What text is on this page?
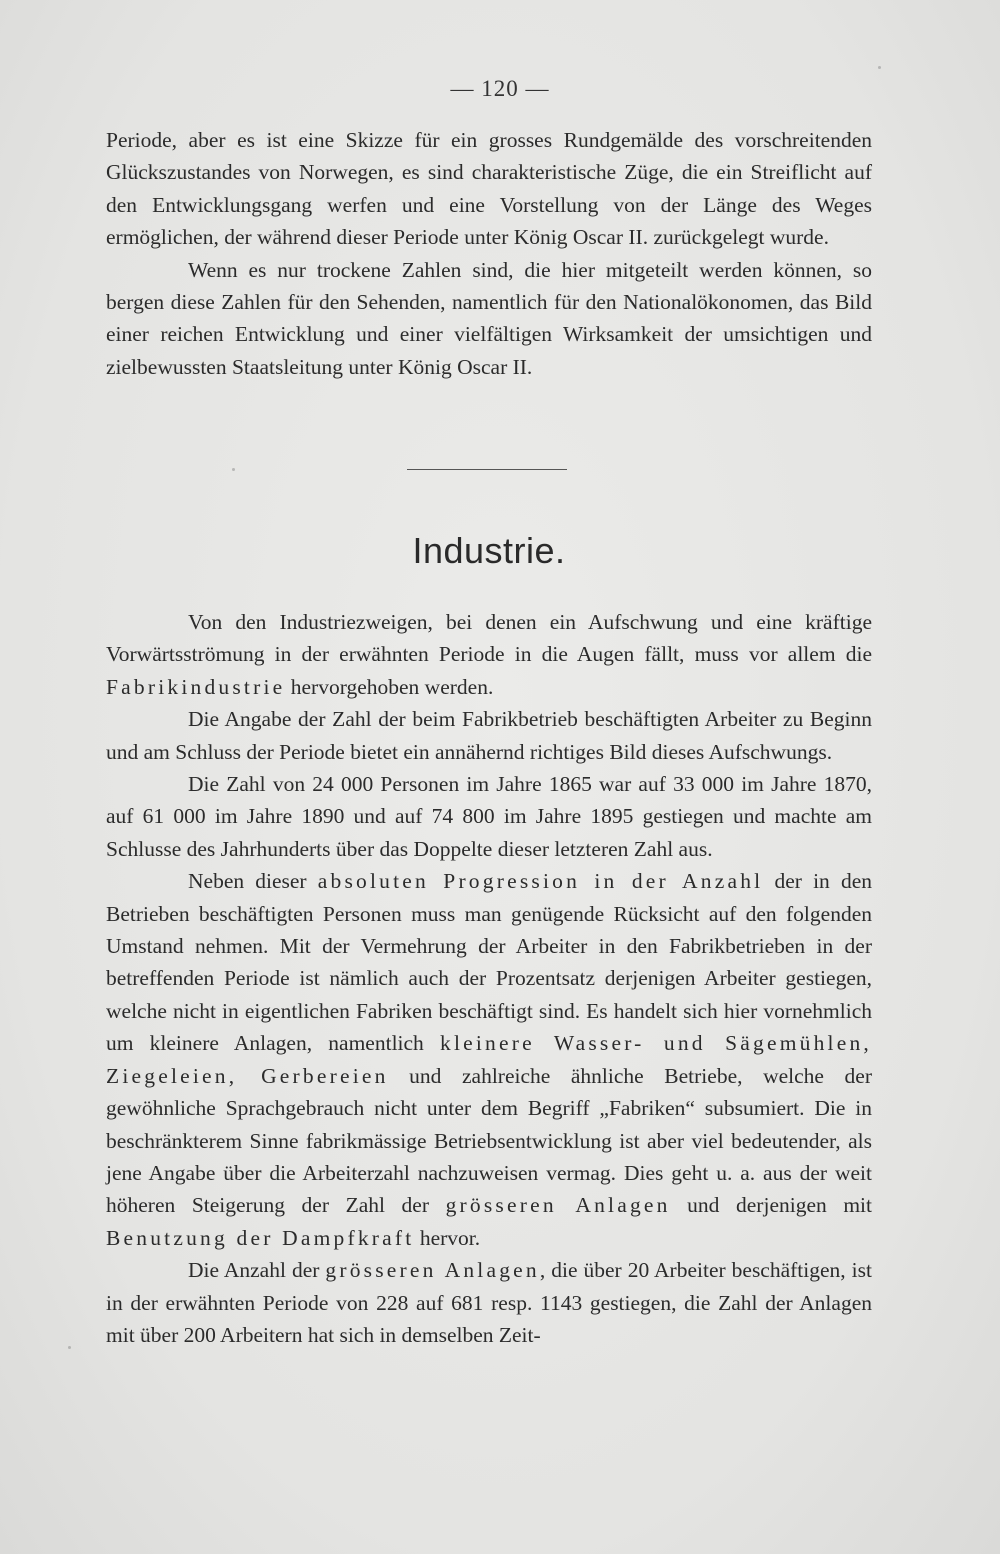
— 120 —

Periode, aber es ist eine Skizze für ein grosses Rundgemälde des vorschreitenden Glückszustandes von Norwegen, es sind charakteristische Züge, die ein Streiflicht auf den Entwicklungsgang werfen und eine Vorstellung von der Länge des Weges ermöglichen, der während dieser Periode unter König Oscar II. zurückgelegt wurde.

Wenn es nur trockene Zahlen sind, die hier mitgeteilt werden können, so bergen diese Zahlen für den Sehenden, namentlich für den Nationalökonomen, das Bild einer reichen Entwicklung und einer vielfältigen Wirksamkeit der umsichtigen und zielbewussten Staatsleitung unter König Oscar II.

Industrie.

Von den Industriezweigen, bei denen ein Aufschwung und eine kräftige Vorwärtsströmung in der erwähnten Periode in die Augen fällt, muss vor allem die Fabrikindustrie hervorgehoben werden.

Die Angabe der Zahl der beim Fabrikbetrieb beschäftigten Arbeiter zu Beginn und am Schluss der Periode bietet ein annähernd richtiges Bild dieses Aufschwungs.

Die Zahl von 24 000 Personen im Jahre 1865 war auf 33 000 im Jahre 1870, auf 61 000 im Jahre 1890 und auf 74 800 im Jahre 1895 gestiegen und machte am Schlusse des Jahrhunderts über das Doppelte dieser letzteren Zahl aus.

Neben dieser absoluten Progression in der Anzahl der in den Betrieben beschäftigten Personen muss man genügende Rücksicht auf den folgenden Umstand nehmen. Mit der Vermehrung der Arbeiter in den Fabrikbetrieben in der betreffenden Periode ist nämlich auch der Prozentsatz derjenigen Arbeiter gestiegen, welche nicht in eigentlichen Fabriken beschäftigt sind. Es handelt sich hier vornehmlich um kleinere Anlagen, namentlich kleinere Wasser- und Sägemühlen, Ziegeleien, Gerbereien und zahlreiche ähnliche Betriebe, welche der gewöhnliche Sprachgebrauch nicht unter dem Begriff „Fabriken“ subsumiert. Die in beschränkterem Sinne fabrikmässige Betriebsentwicklung ist aber viel bedeutender, als jene Angabe über die Arbeiterzahl nachzuweisen vermag. Dies geht u. a. aus der weit höheren Steigerung der Zahl der grösseren Anlagen und derjenigen mit Benutzung der Dampfkraft hervor.

Die Anzahl der grösseren Anlagen, die über 20 Arbeiter beschäftigen, ist in der erwähnten Periode von 228 auf 681 resp. 1143 gestiegen, die Zahl der Anlagen mit über 200 Arbeitern hat sich in demselben Zeit-
